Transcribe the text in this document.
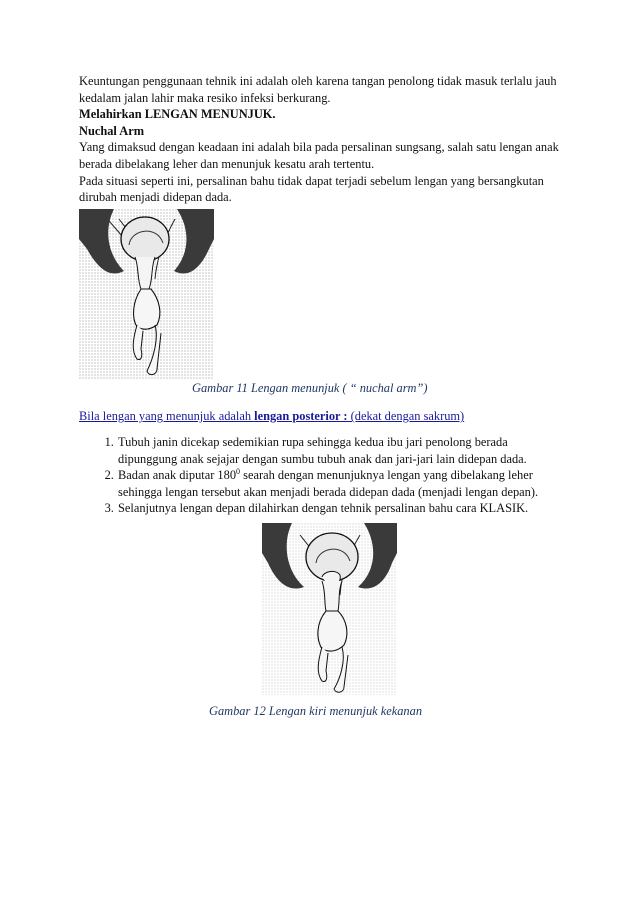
Keuntungan penggunaan tehnik ini adalah oleh karena tangan penolong tidak masuk terlalu jauh kedalam jalan lahir maka resiko infeksi berkurang.

Melahirkan LENGAN MENUNJUK.

Nuchal Arm

Yang dimaksud dengan keadaan ini adalah bila pada persalinan sungsang, salah satu lengan anak berada dibelakang leher dan menunjuk kesatu arah tertentu.

Pada situasi seperti ini, persalinan bahu tidak dapat terjadi sebelum lengan yang bersangkutan dirubah menjadi didepan dada.

Gambar 11 Lengan menunjuk ( “ nuchal arm”)

Bila lengan yang menunjuk adalah lengan posterior : (dekat dengan sakrum)

1. Tubuh janin dicekap sedemikian rupa sehingga kedua ibu jari penolong berada dipunggung anak sejajar dengan sumbu tubuh anak dan jari-jari lain didepan dada.
2. Badan anak diputar $180^0$ searah dengan menunjuknya lengan yang dibelakang leher sehingga lengan tersebut akan menjadi berada didepan dada (menjadi lengan depan).
3. Selanjutnya lengan depan dilahirkan dengan tehnik persalinan bahu cara KLASIK.

Gambar 12 Lengan kiri menunjuk kekanan
